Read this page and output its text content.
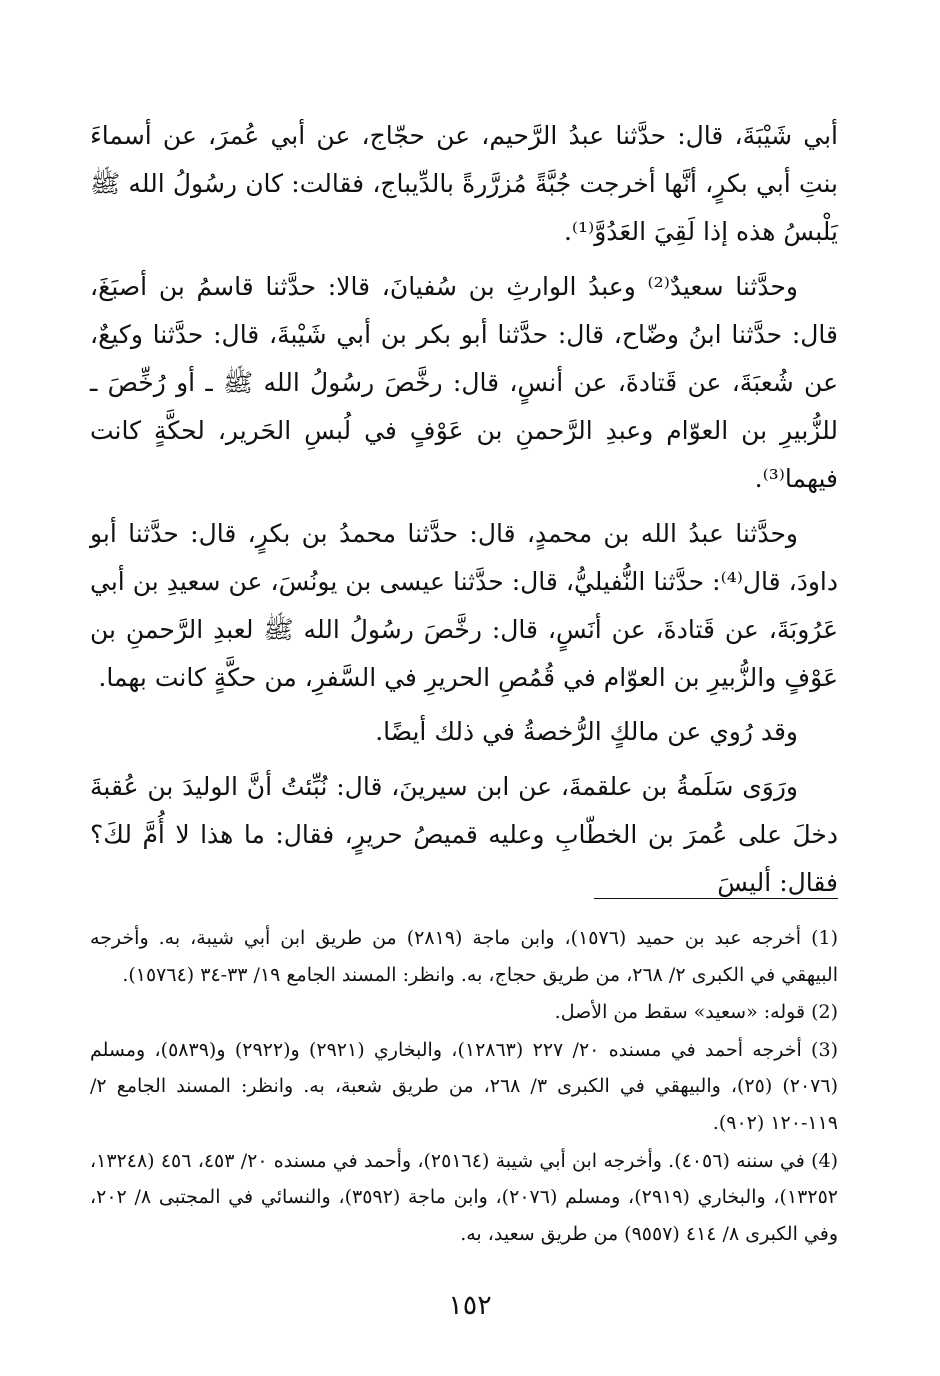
أبي شَيْبَةَ، قال: حدَّثنا عبدُ الرَّحيم، عن حجّاج، عن أبي عُمرَ، عن أسماءَ بنتِ أبي بكرٍ، أنَّها أخرجت جُبَّةً مُزرَّرةً بالدِّيباج، فقالت: كان رسُولُ الله ﷺ يَلْبسُ هذه إذا لَقِيَ العَدُوَّ⁽¹⁾.

وحدَّثنا سعيدٌ⁽²⁾ وعبدُ الوارثِ بن سُفيانَ، قالا: حدَّثنا قاسمُ بن أصبَغَ، قال: حدَّثنا ابنُ وضّاح، قال: حدَّثنا أبو بكر بن أبي شَيْبةَ، قال: حدَّثنا وكيعٌ، عن شُعبَةَ، عن قَتادةَ، عن أنسٍ، قال: رخَّصَ رسُولُ الله ﷺ ـ أو رُخِّصَ ـ للزُّبيرِ بن العوّام وعبدِ الرَّحمنِ بن عَوْفٍ في لُبسِ الحَرير، لحكَّةٍ كانت فيهما⁽³⁾.

وحدَّثنا عبدُ الله بن محمدٍ، قال: حدَّثنا محمدُ بن بكرٍ، قال: حدَّثنا أبو داودَ، قال⁽⁴⁾: حدَّثنا النُّفيليُّ، قال: حدَّثنا عيسى بن يونُسَ، عن سعيدِ بن أبي عَرُوبَةَ، عن قَتادةَ، عن أنَسٍ، قال: رخَّصَ رسُولُ الله ﷺ لعبدِ الرَّحمنِ بن عَوْفٍ والزُّبيرِ بن العوّام في قُمُصِ الحريرِ في السَّفرِ، من حكَّةٍ كانت بهما.

وقد رُوي عن مالكٍ الرُّخصةُ في ذلك أيضًا.

ورَوَى سَلَمةُ بن علقمةَ، عن ابن سيرينَ، قال: نُبِّئتُ أنَّ الوليدَ بن عُقبةَ دخلَ على عُمرَ بن الخطّابِ وعليه قميصُ حريرٍ، فقال: ما هذا لا أُمَّ لكَ؟ فقال: أليسَ

(1) أخرجه عبد بن حميد (١٥٧٦)، وابن ماجة (٢٨١٩) من طريق ابن أبي شيبة، به. وأخرجه البيهقي في الكبرى ٢/ ٢٦٨، من طريق حجاج، به. وانظر: المسند الجامع ١٩/ ٣٣-٣٤ (١٥٧٦٤).

(2) قوله: «سعيد» سقط من الأصل.

(3) أخرجه أحمد في مسنده ٢٠/ ٢٢٧ (١٢٨٦٣)، والبخاري (٢٩٢١) و(٢٩٢٢) و(٥٨٣٩)، ومسلم (٢٠٧٦) (٢٥)، والبيهقي في الكبرى ٣/ ٢٦٨، من طريق شعبة، به. وانظر: المسند الجامع ٢/ ١١٩-١٢٠ (٩٠٢).

(4) في سننه (٤٠٥٦). وأخرجه ابن أبي شيبة (٢٥١٦٤)، وأحمد في مسنده ٢٠/ ٤٥٣، ٤٥٦ (١٣٢٤٨، ١٣٢٥٢)، والبخاري (٢٩١٩)، ومسلم (٢٠٧٦)، وابن ماجة (٣٥٩٢)، والنسائي في المجتبى ٨/ ٢٠٢، وفي الكبرى ٨/ ٤١٤ (٩٥٥٧) من طريق سعيد، به.

١٥٢
